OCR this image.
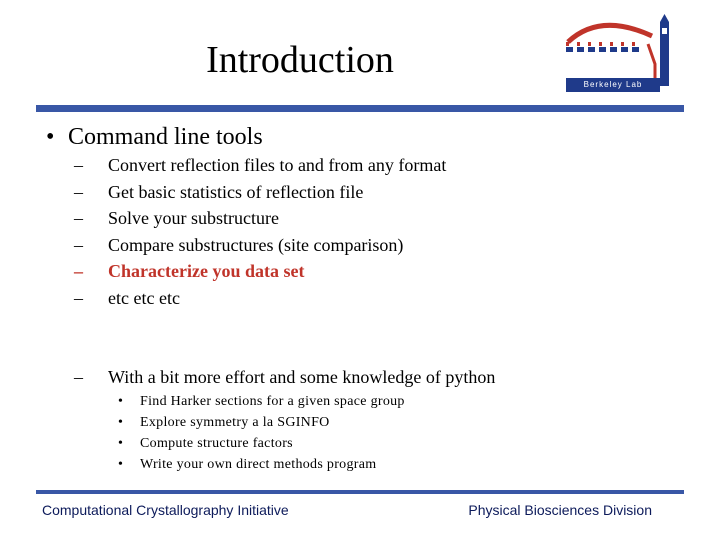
Introduction
Berkeley Lab
• Command line tools
– Convert reflection files to and from any format
– Get basic statistics of reflection file
– Solve your substructure
– Compare substructures (site comparison)
– Characterize you data set
– etc etc etc
– With a bit more effort and some knowledge of python
• Find Harker sections for a given space group
• Explore symmetry a la SGINFO
• Compute structure factors
• Write your own direct methods program
Computational Crystallography Initiative	Physical Biosciences Division
